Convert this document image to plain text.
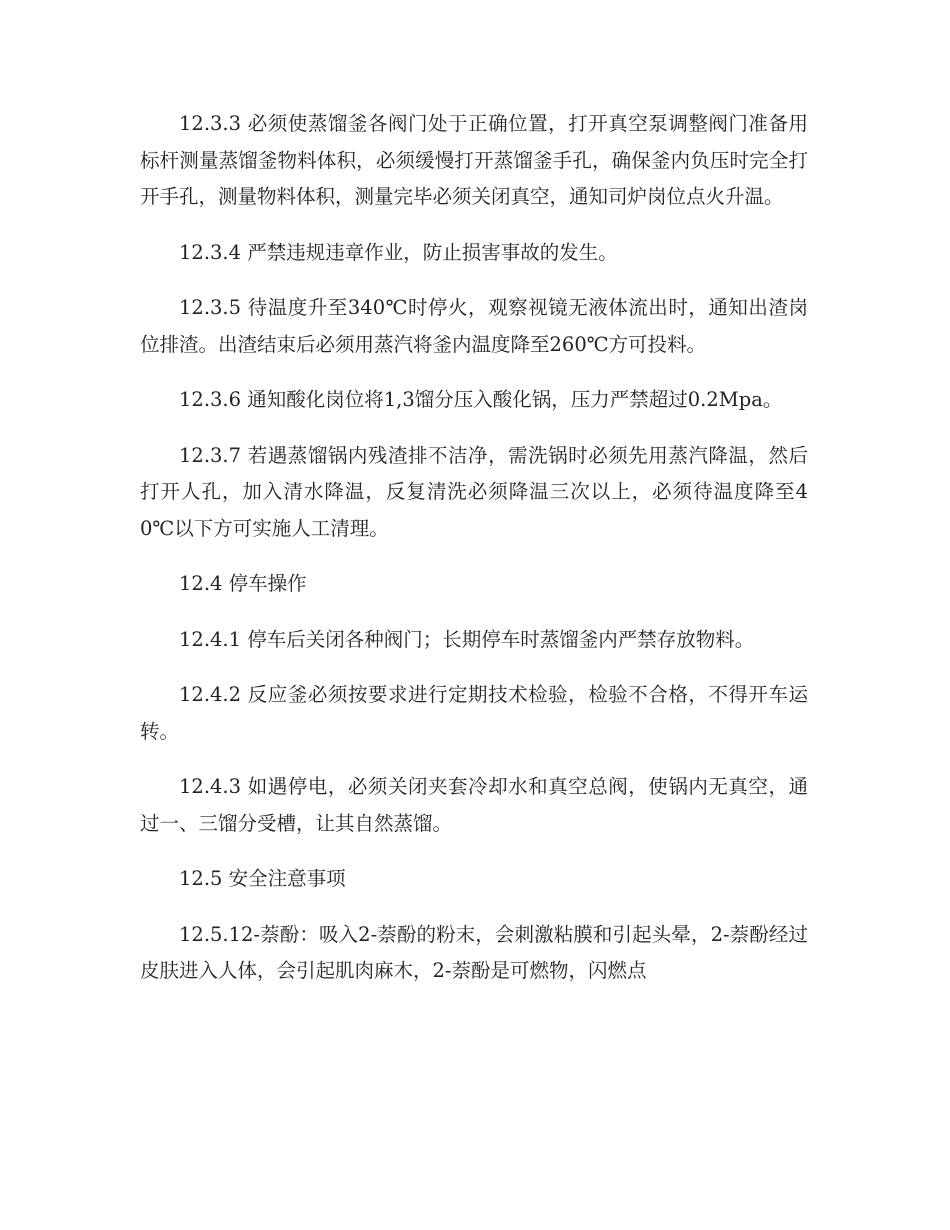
12.3.3 必须使蒸馏釜各阀门处于正确位置，打开真空泵调整阀门准备用标杆测量蒸馏釜物料体积，必须缓慢打开蒸馏釜手孔，确保釜内负压时完全打开手孔，测量物料体积，测量完毕必须关闭真空，通知司炉岗位点火升温。

12.3.4 严禁违规违章作业，防止损害事故的发生。

12.3.5 待温度升至340℃时停火，观察视镜无液体流出时，通知出渣岗位排渣。出渣结束后必须用蒸汽将釜内温度降至260℃方可投料。

12.3.6 通知酸化岗位将1,3馏分压入酸化锅，压力严禁超过0.2Mpa。

12.3.7 若遇蒸馏锅内残渣排不洁净，需洗锅时必须先用蒸汽降温，然后打开人孔，加入清水降温，反复清洗必须降温三次以上，必须待温度降至40℃以下方可实施人工清理。

12.4 停车操作

12.4.1 停车后关闭各种阀门；长期停车时蒸馏釜内严禁存放物料。

12.4.2 反应釜必须按要求进行定期技术检验，检验不合格，不得开车运转。

12.4.3 如遇停电，必须关闭夹套冷却水和真空总阀，使锅内无真空，通过一、三馏分受槽，让其自然蒸馏。

12.5 安全注意事项

12.5.12-萘酚：吸入2-萘酚的粉末，会刺激粘膜和引起头晕，2-萘酚经过皮肤进入人体，会引起肌肉麻木，2-萘酚是可燃物，闪燃点
